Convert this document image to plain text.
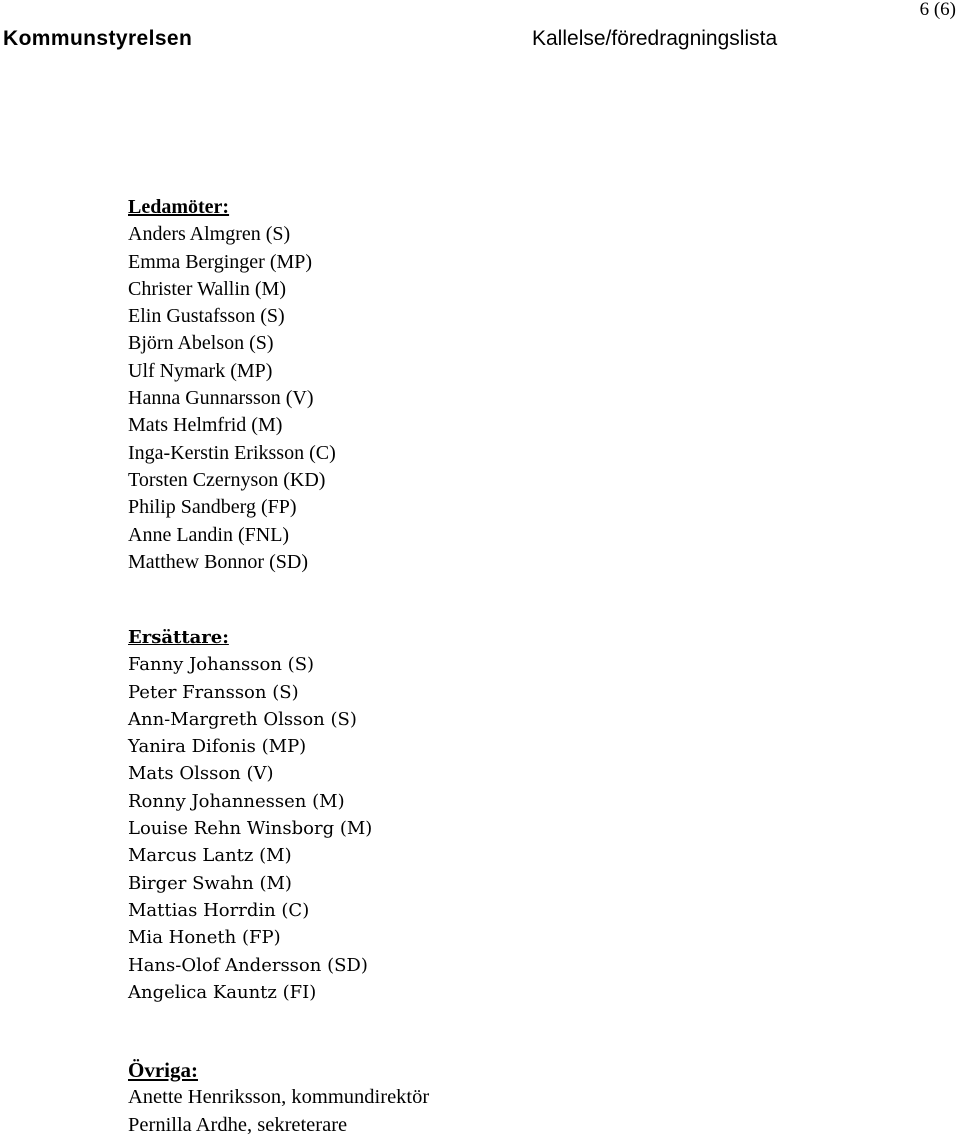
Kommunstyrelsen	Kallelse/föredragningslista
6 (6)
Ledamöter:
Anders Almgren (S)
Emma Berginger (MP)
Christer Wallin (M)
Elin Gustafsson (S)
Björn Abelson (S)
Ulf Nymark (MP)
Hanna Gunnarsson (V)
Mats Helmfrid (M)
Inga-Kerstin Eriksson (C)
Torsten Czernyson (KD)
Philip Sandberg (FP)
Anne Landin (FNL)
Matthew Bonnor (SD)
Ersättare:
Fanny Johansson (S)
Peter Fransson (S)
Ann-Margreth Olsson (S)
Yanira Difonis (MP)
Mats Olsson (V)
Ronny Johannessen (M)
Louise Rehn Winsborg (M)
Marcus Lantz (M)
Birger Swahn (M)
Mattias Horrdin (C)
Mia Honeth (FP)
Hans-Olof Andersson (SD)
Angelica Kauntz (FI)
Övriga:
Anette Henriksson, kommundirektör
Pernilla Ardhe, sekreterare
